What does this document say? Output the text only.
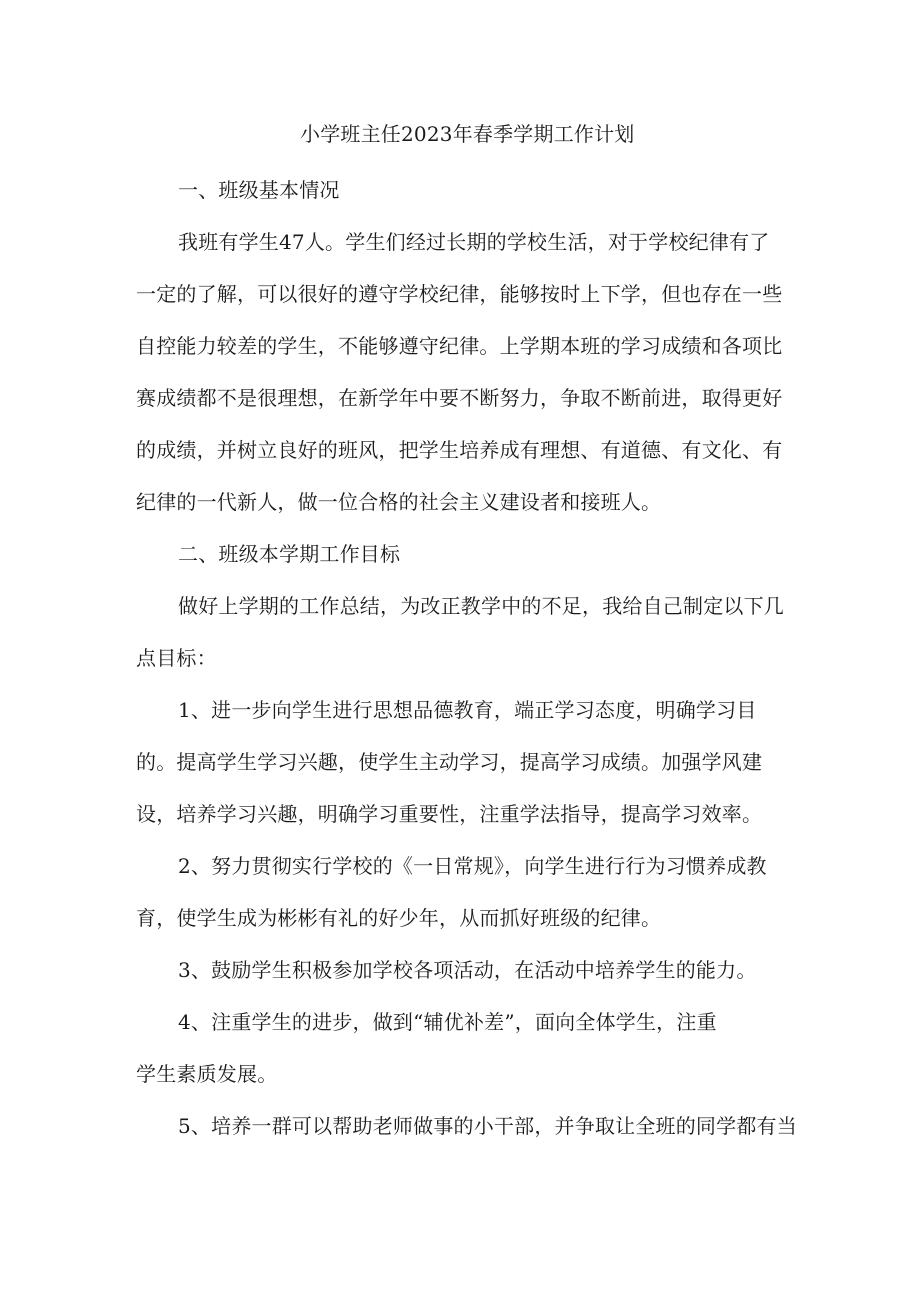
小学班主任2023年春季学期工作计划
一、班级基本情况
我班有学生47人。学生们经过长期的学校生活，对于学校纪律有了
一定的了解，可以很好的遵守学校纪律，能够按时上下学，但也存在一些
自控能力较差的学生，不能够遵守纪律。上学期本班的学习成绩和各项比
赛成绩都不是很理想，在新学年中要不断努力，争取不断前进，取得更好
的成绩，并树立良好的班风，把学生培养成有理想、有道德、有文化、有
纪律的一代新人，做一位合格的社会主义建设者和接班人。
二、班级本学期工作目标
做好上学期的工作总结，为改正教学中的不足，我给自己制定以下几
点目标：
1、进一步向学生进行思想品德教育，端正学习态度，明确学习目
的。提高学生学习兴趣，使学生主动学习，提高学习成绩。加强学风建
设，培养学习兴趣，明确学习重要性，注重学法指导，提高学习效率。
2、努力贯彻实行学校的《一日常规》，向学生进行行为习惯养成教
育，使学生成为彬彬有礼的好少年，从而抓好班级的纪律。
3、鼓励学生积极参加学校各项活动，在活动中培养学生的能力。
4、注重学生的进步，做到“辅优补差”，面向全体学生，注重
学生素质发展。
5、培养一群可以帮助老师做事的小干部，并争取让全班的同学都有当
